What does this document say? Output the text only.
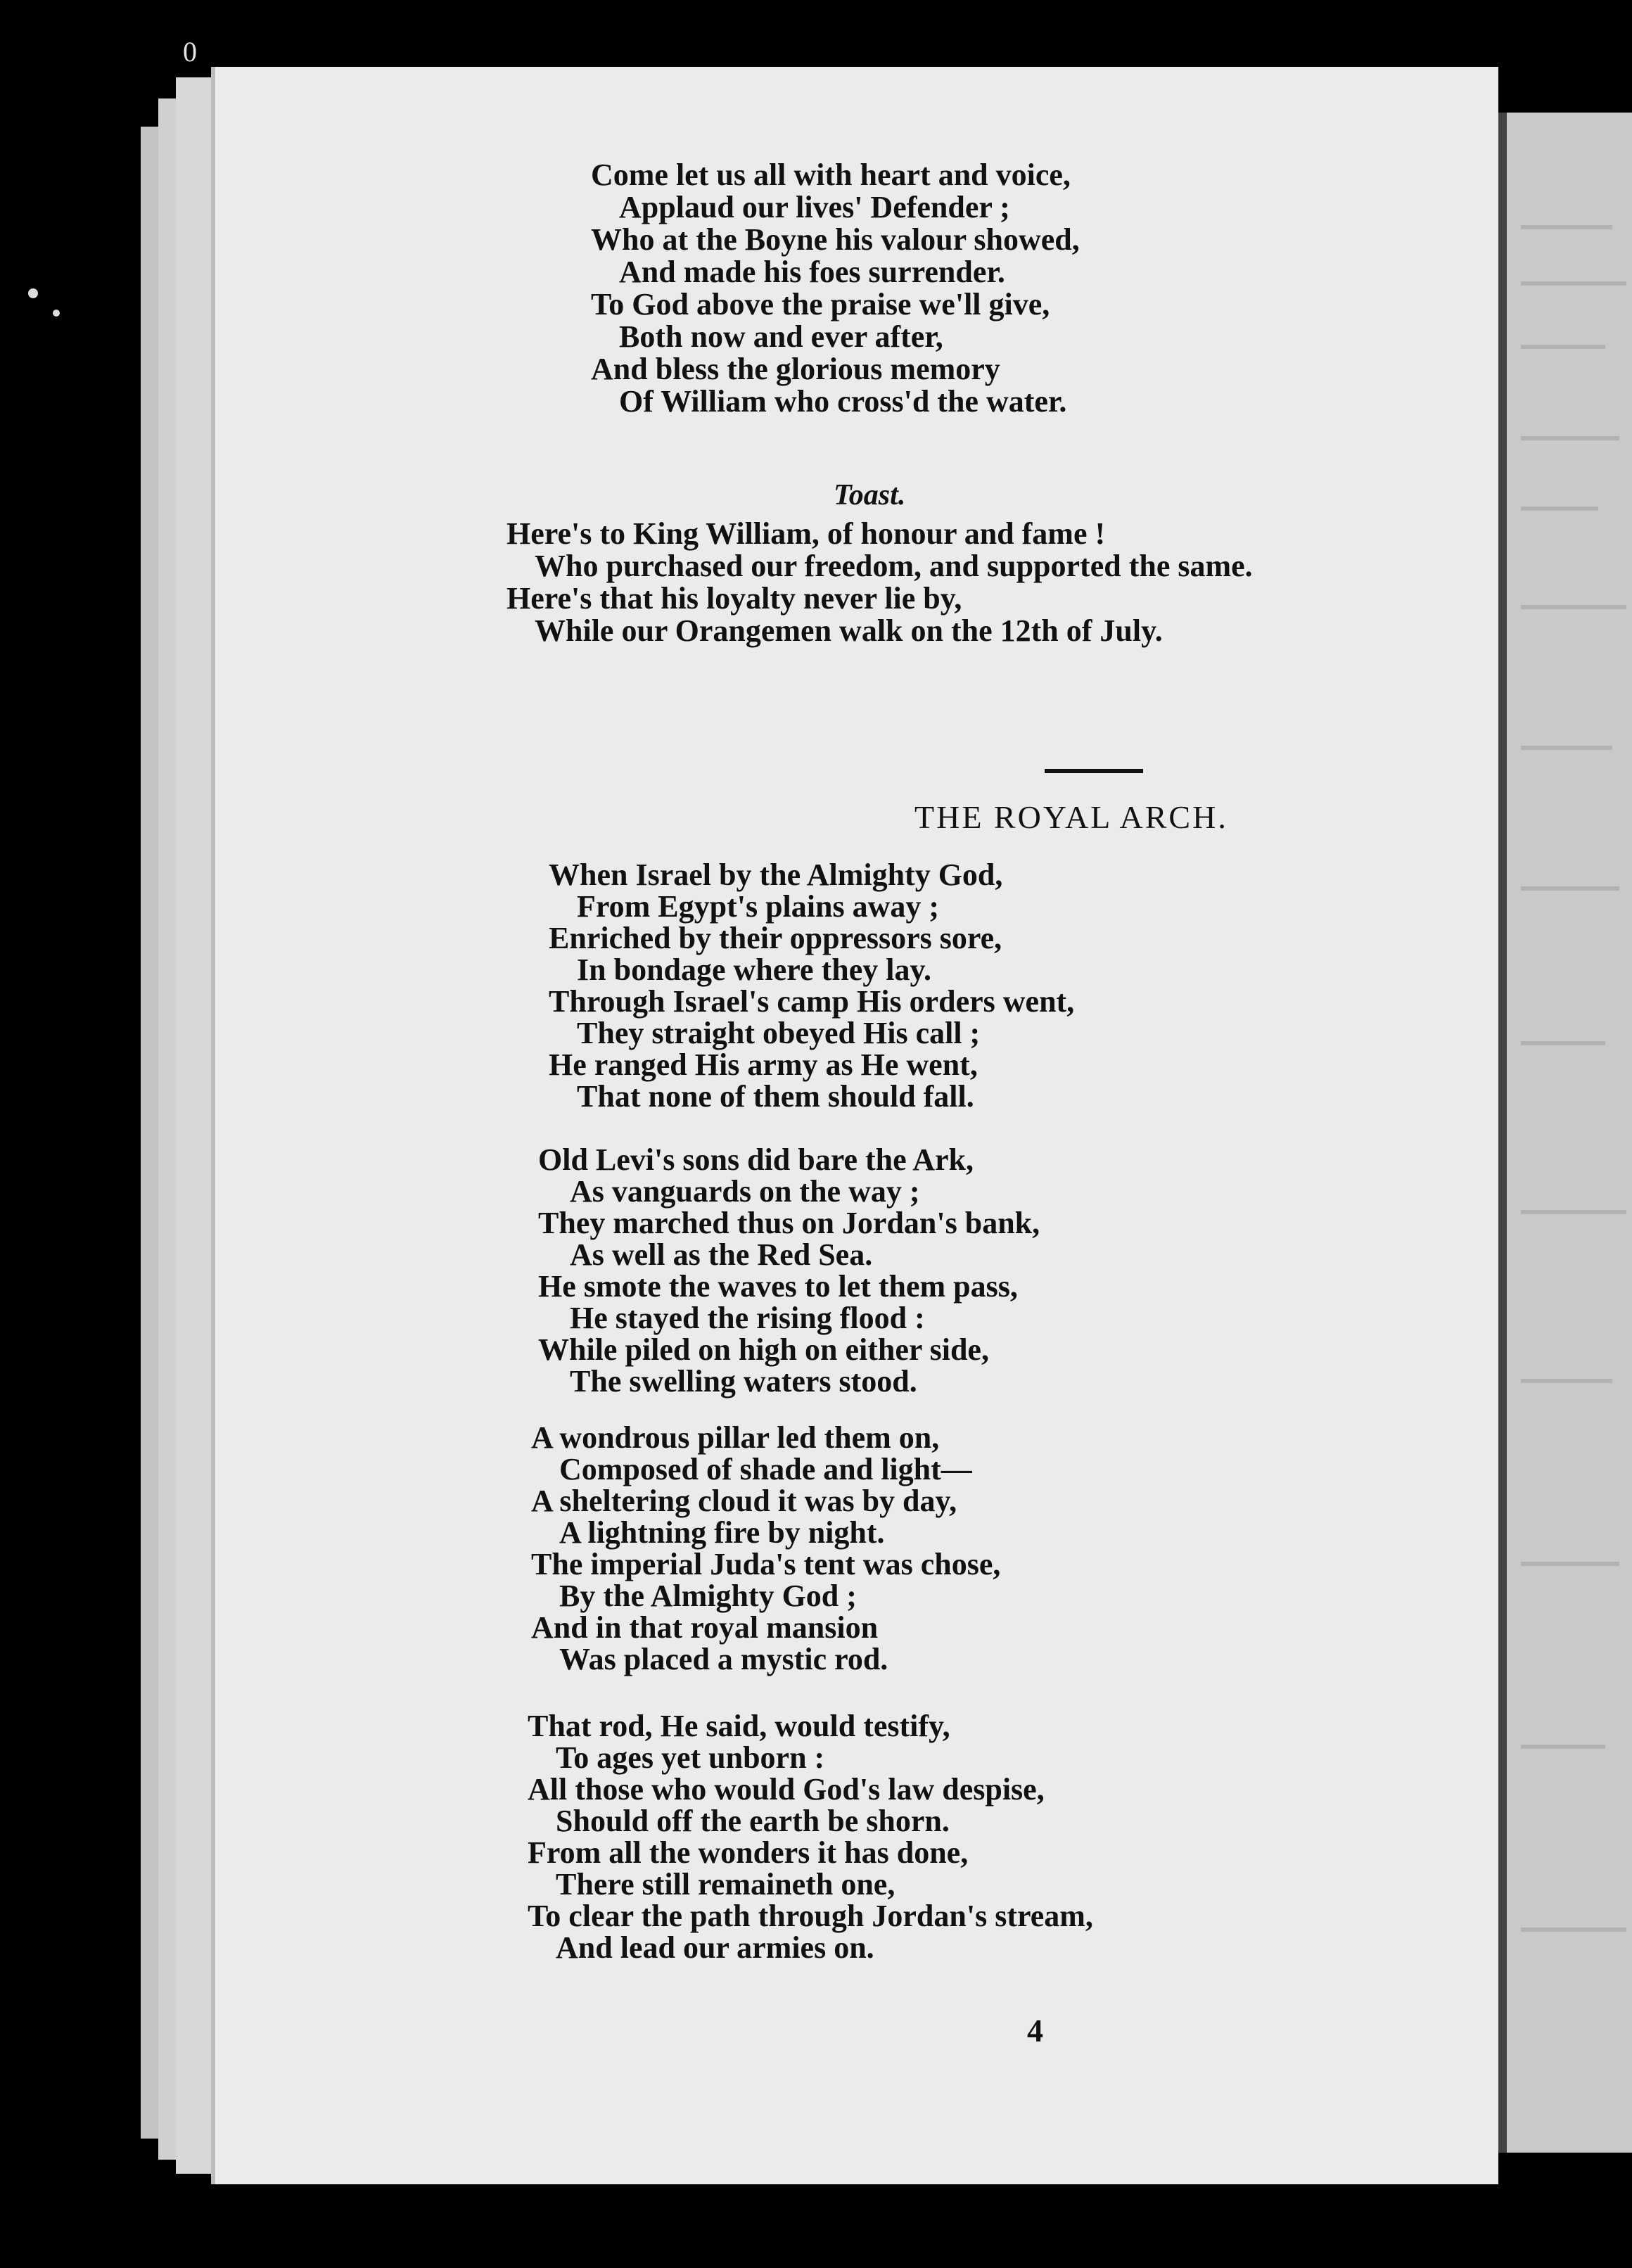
0
Toast.
THE ROYAL ARCH.
4
Come let us all with heart and voice,
Applaud our lives' Defender ;
Who at the Boyne his valour showed,
And made his foes surrender.
To God above the praise we'll give,
Both now and ever after,
And bless the glorious memory
Of William who cross'd the water.
Here's to King William, of honour and fame !
Who purchased our freedom, and supported the same.
Here's that his loyalty never lie by,
While our Orangemen walk on the 12th of July.
When Israel by the Almighty God,
From Egypt's plains away ;
Enriched by their oppressors sore,
In bondage where they lay.
Through Israel's camp His orders went,
They straight obeyed His call ;
He ranged His army as He went,
That none of them should fall.
Old Levi's sons did bare the Ark,
As vanguards on the way ;
They marched thus on Jordan's bank,
As well as the Red Sea.
He smote the waves to let them pass,
He stayed the rising flood :
While piled on high on either side,
The swelling waters stood.
A wondrous pillar led them on,
Composed of shade and light—
A sheltering cloud it was by day,
A lightning fire by night.
The imperial Juda's tent was chose,
By the Almighty God ;
And in that royal mansion
Was placed a mystic rod.
That rod, He said, would testify,
To ages yet unborn :
All those who would God's law despise,
Should off the earth be shorn.
From all the wonders it has done,
There still remaineth one,
To clear the path through Jordan's stream,
And lead our armies on.
